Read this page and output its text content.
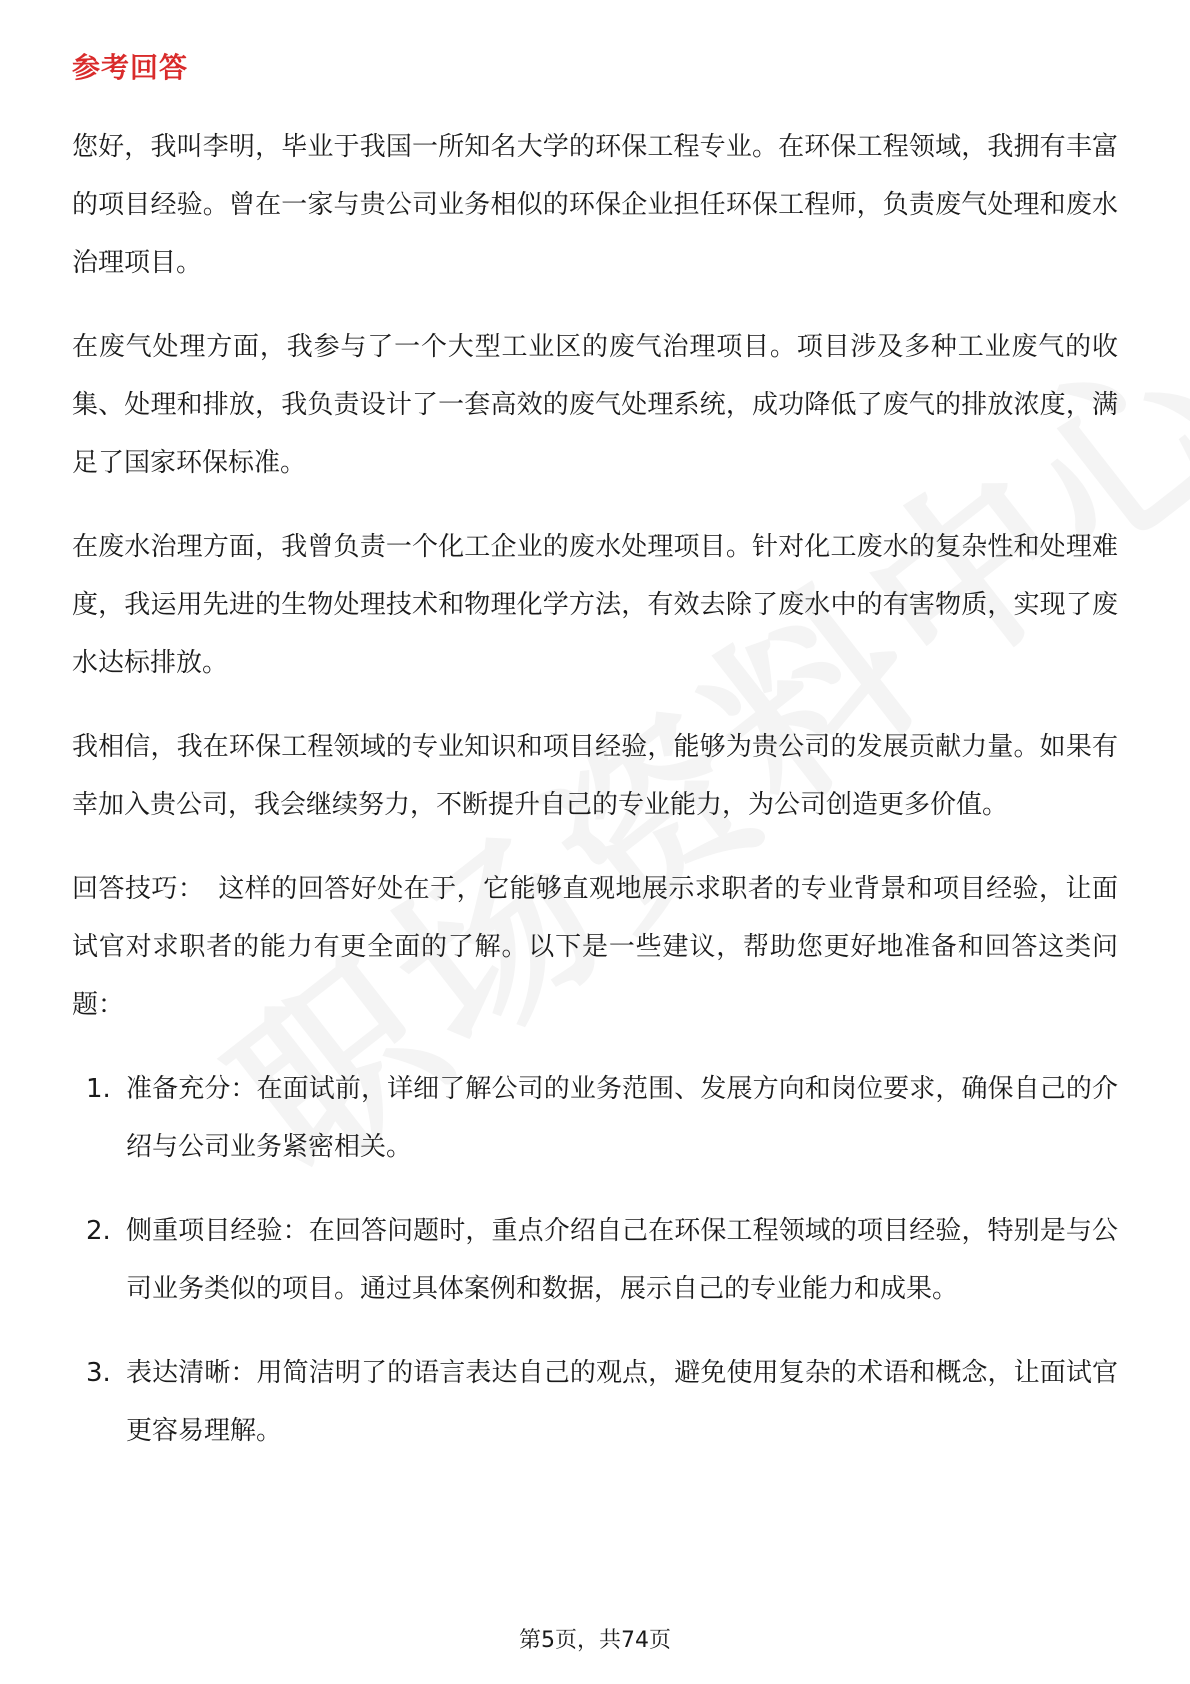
参考回答

您好，我叫李明，毕业于我国一所知名大学的环保工程专业。在环保工程领域，我拥有丰富的项目经验。曾在一家与贵公司业务相似的环保企业担任环保工程师，负责废气处理和废水治理项目。

在废气处理方面，我参与了一个大型工业区的废气治理项目。项目涉及多种工业废气的收集、处理和排放，我负责设计了一套高效的废气处理系统，成功降低了废气的排放浓度，满足了国家环保标准。

在废水治理方面，我曾负责一个化工企业的废水处理项目。针对化工废水的复杂性和处理难度，我运用先进的生物处理技术和物理化学方法，有效去除了废水中的有害物质，实现了废水达标排放。

我相信，我在环保工程领域的专业知识和项目经验，能够为贵公司的发展贡献力量。如果有幸加入贵公司，我会继续努力，不断提升自己的专业能力，为公司创造更多价值。

回答技巧： 这样的回答好处在于，它能够直观地展示求职者的专业背景和项目经验，让面试官对求职者的能力有更全面的了解。以下是一些建议，帮助您更好地准备和回答这类问题：

1. 准备充分：在面试前，详细了解公司的业务范围、发展方向和岗位要求，确保自己的介绍与公司业务紧密相关。
2. 侧重项目经验：在回答问题时，重点介绍自己在环保工程领域的项目经验，特别是与公司业务类似的项目。通过具体案例和数据，展示自己的专业能力和成果。
3. 表达清晰：用简洁明了的语言表达自己的观点，避免使用复杂的术语和概念，让面试官更容易理解。
第5页，共74页
